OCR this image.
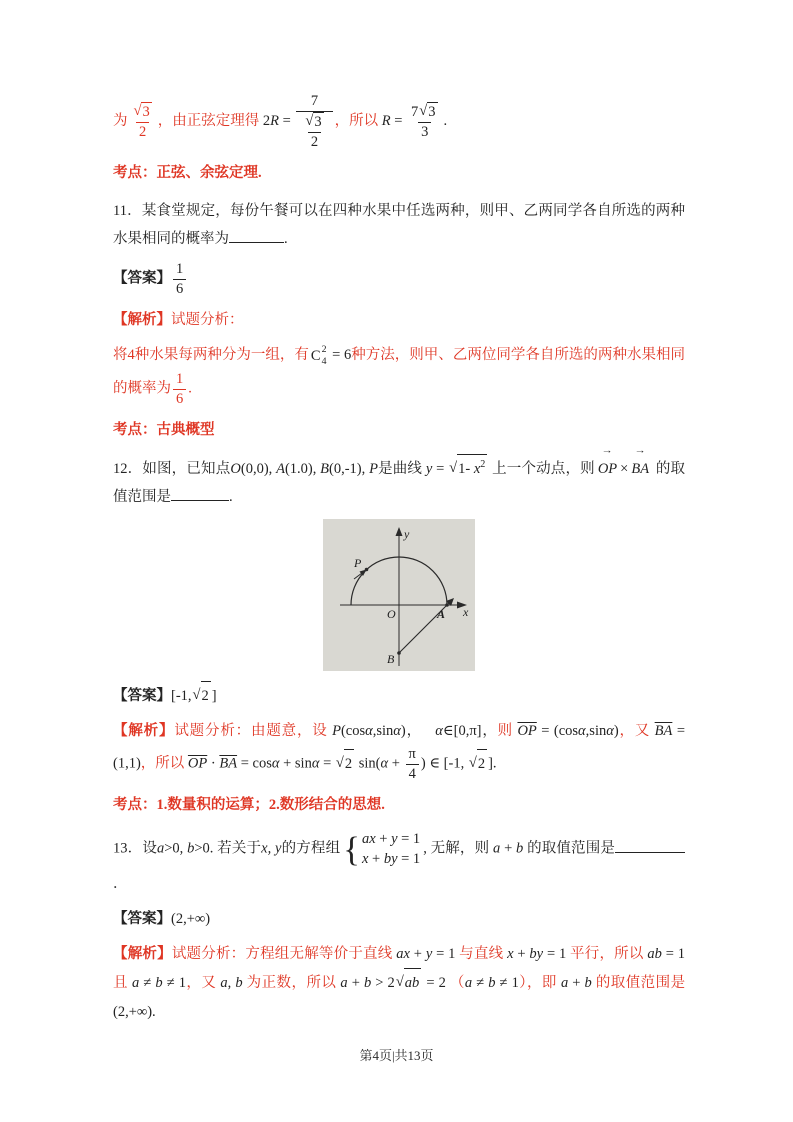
为 $\frac{√3}{2}$ ，由正弦定理得 $2R = \frac{7}{\frac{√3}{2}}$ ，所以 $R = \frac{7√3}{3}$ .

考点：正弦、余弦定理.

11．某食堂规定，每份午餐可以在四种水果中任选两种，则甲、乙两同学各自所选的两种水果相同的概率为	.

【答案】 $\frac{1}{6}$

【解析】试题分析：

将4种水果每两种分为一组，有 C 2
4 = 6种方法，则甲、乙两位同学各自所选的两种水果相同的概率为 $\frac{1}{6}$ .

考点：古典概型

12．如图，已知点O(0,0), A(1.0), B(0,-1), P是曲线 y = √1- $x^2$ 上一个动点，则
→
OP ×
→
BA 的取值范围是	.

y
x
O	A
B
P

【答案】[-1,√2 ]

【解析】试题分析：由题意，设 P(cosα,sinα)，   α∈[0,π]，则 $\overline{OP} = (\cos\alpha,\sin\alpha)$，又 $\overline{BA} = (1,1)$，所以 $\overline{OP} \cdot \overline{BA} = \cos\alpha + \sin\alpha = √2$ $\sin(\alpha + \frac{\pi}{4}$ ) ∈ [-1, √2 ].

考点：1.数量积的运算；2.数形结合的思想.

13．设a>0, b>0. 若关于x, y的方程组 { ax + y = 1
x + by = 1
, 无解，则 a + b 的取值范围是．

【答案】(2,+∞)

【解析】试题分析：方程组无解等价于直线 ax + y = 1 与直线 x + by = 1 平行，所以 ab = 1 且 a ≠ b ≠ 1，又 a, b 为正数，所以 a + b > 2√ab = 2 （a ≠ b ≠ 1），即 a + b 的取值范围是 (2,+∞).

第4页|共13页
